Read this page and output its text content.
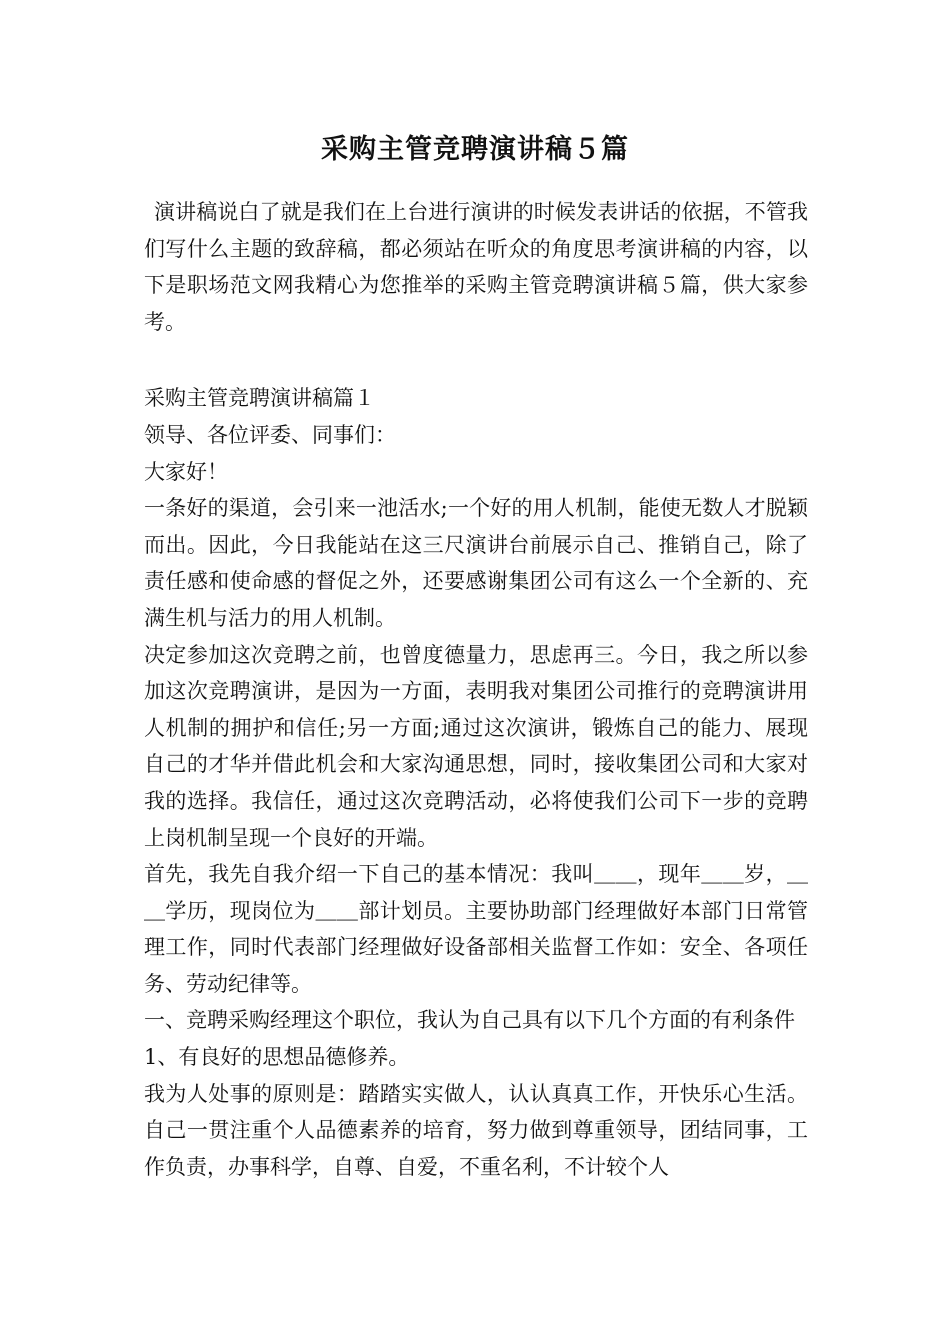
采购主管竞聘演讲稿５篇

演讲稿说白了就是我们在上台进行演讲的时候发表讲话的依据，不管我们写什么主题的致辞稿，都必须站在听众的角度思考演讲稿的内容，以下是职场范文网我精心为您推举的采购主管竞聘演讲稿５篇，供大家参考。

采购主管竞聘演讲稿篇１

领导、各位评委、同事们：

大家好！

一条好的渠道，会引来一池活水;一个好的用人机制，能使无数人才脱颖而出。因此，今日我能站在这三尺演讲台前展示自己、推销自己，除了责任感和使命感的督促之外，还要感谢集团公司有这么一个全新的、充满生机与活力的用人机制。

决定参加这次竞聘之前，也曾度德量力，思虑再三。今日，我之所以参加这次竞聘演讲，是因为一方面，表明我对集团公司推行的竞聘演讲用人机制的拥护和信任;另一方面;通过这次演讲，锻炼自己的能力、展现自己的才华并借此机会和大家沟通思想，同时，接收集团公司和大家对我的选择。我信任，通过这次竞聘活动，必将使我们公司下一步的竞聘上岗机制呈现一个良好的开端。

首先，我先自我介绍一下自己的基本情况：我叫＿＿，现年＿＿岁，＿＿学历，现岗位为＿＿部计划员。主要协助部门经理做好本部门日常管理工作，同时代表部门经理做好设备部相关监督工作如：安全、各项任务、劳动纪律等。

一、竞聘采购经理这个职位，我认为自己具有以下几个方面的有利条件

1、有良好的思想品德修养。

我为人处事的原则是：踏踏实实做人，认认真真工作，开快乐心生活。自己一贯注重个人品德素养的培育，努力做到尊重领导，团结同事，工作负责，办事科学，自尊、自爱，不重名利，不计较个人
